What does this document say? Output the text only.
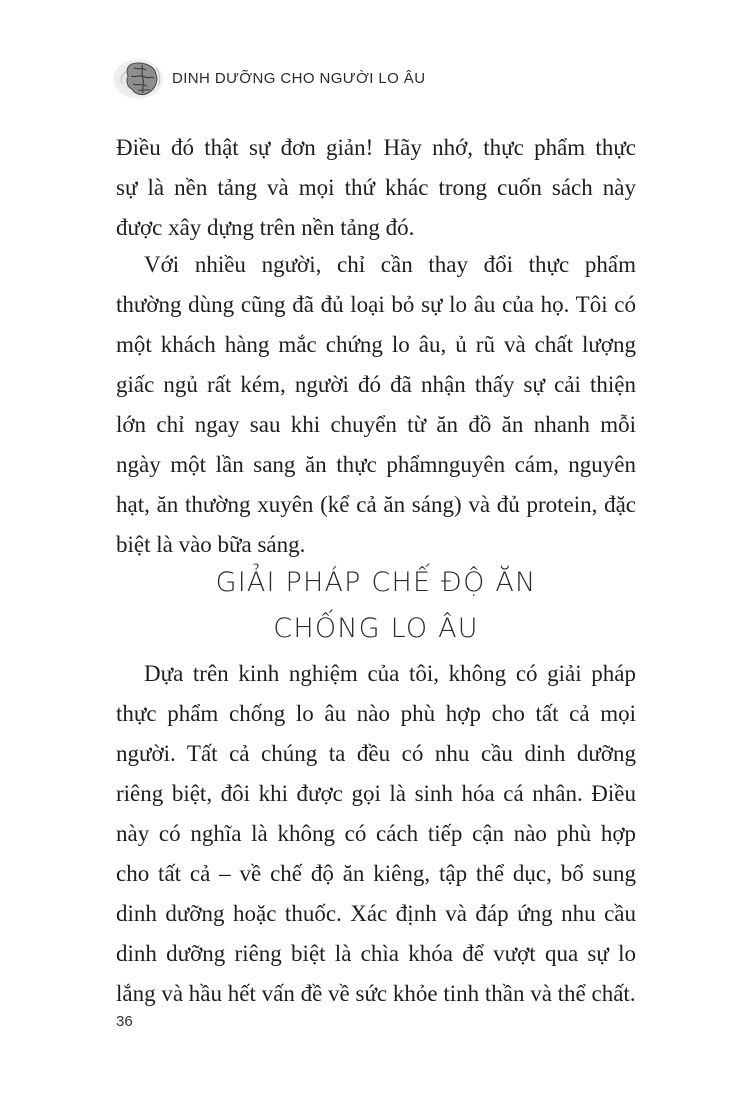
DINH DƯỠNG CHO NGƯỜI LO ÂU
Điều đó thật sự đơn giản! Hãy nhớ, thực phẩm thực
sự là nền tảng và mọi thứ khác trong cuốn sách này
được xây dựng trên nền tảng đó.
Với nhiều người, chỉ cần thay đổi thực phẩm
thường dùng cũng đã đủ loại bỏ sự lo âu của họ. Tôi có
một khách hàng mắc chứng lo âu, ủ rũ và chất lượng
giấc ngủ rất kém, người đó đã nhận thấy sự cải thiện
lớn chỉ ngay sau khi chuyển từ ăn đồ ăn nhanh mỗi
ngày một lần sang ăn thực phẩmnguyên cám, nguyên
hạt, ăn thường xuyên (kể cả ăn sáng) và đủ protein, đặc
biệt là vào bữa sáng.
GIẢI PHÁP CHẾ ĐỘ ĂN
CHỐNG LO ÂU
Dựa trên kinh nghiệm của tôi, không có giải pháp
thực phẩm chống lo âu nào phù hợp cho tất cả mọi
người. Tất cả chúng ta đều có nhu cầu dinh dưỡng
riêng biệt, đôi khi được gọi là sinh hóa cá nhân. Điều
này có nghĩa là không có cách tiếp cận nào phù hợp
cho tất cả – về chế độ ăn kiêng, tập thể dục, bổ sung
dinh dưỡng hoặc thuốc. Xác định và đáp ứng nhu cầu
dinh dưỡng riêng biệt là chìa khóa để vượt qua sự lo
lắng và hầu hết vấn đề về sức khỏe tinh thần và thể chất.
36
